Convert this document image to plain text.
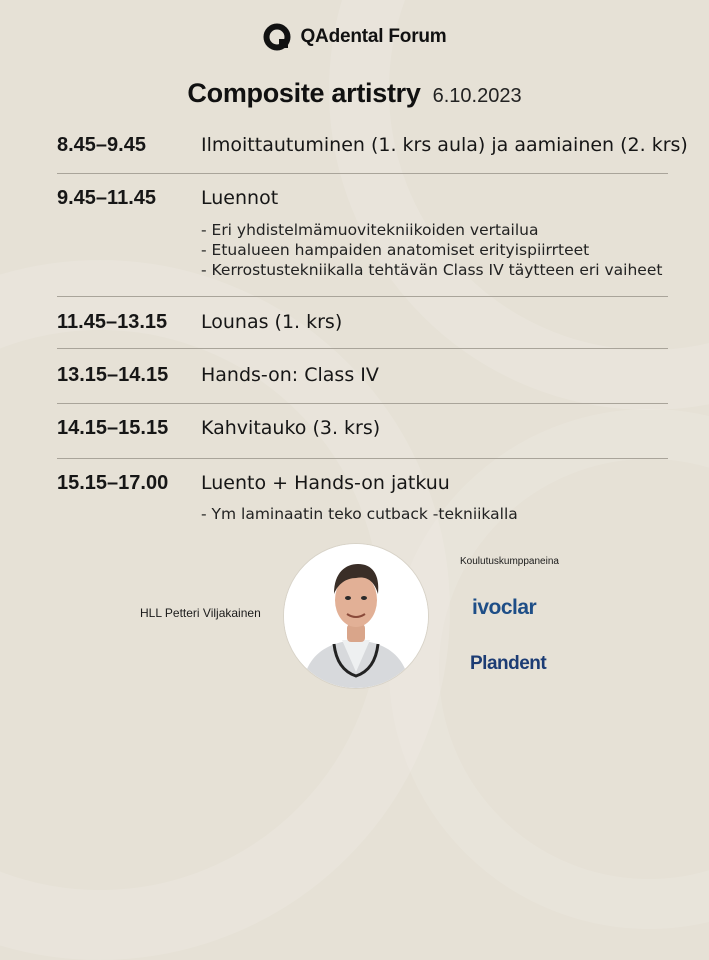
QAdental Forum
Composite artistry 6.10.2023
8.45–9.45	Ilmoittautuminen (1. krs aula) ja aamiainen (2. krs)
9.45–11.45 Luennot
- Eri yhdistelmämuovitekniikoiden vertailua
- Etualueen hampaiden anatomiset erityispiirrteet
- Kerrostustekniikalla tehtävän Class IV täytteen eri vaiheet
11.45–13.15 Lounas (1. krs)
13.15–14.15 Hands-on: Class IV
14.15–15.15 Kahvitauko (3. krs)
15.15–17.00 Luento + Hands-on jatkuu
- Ym laminaatin teko cutback -tekniikalla
HLL Petteri Viljakainen
Koulutuskumppaneina
ivoclar
Plandent
